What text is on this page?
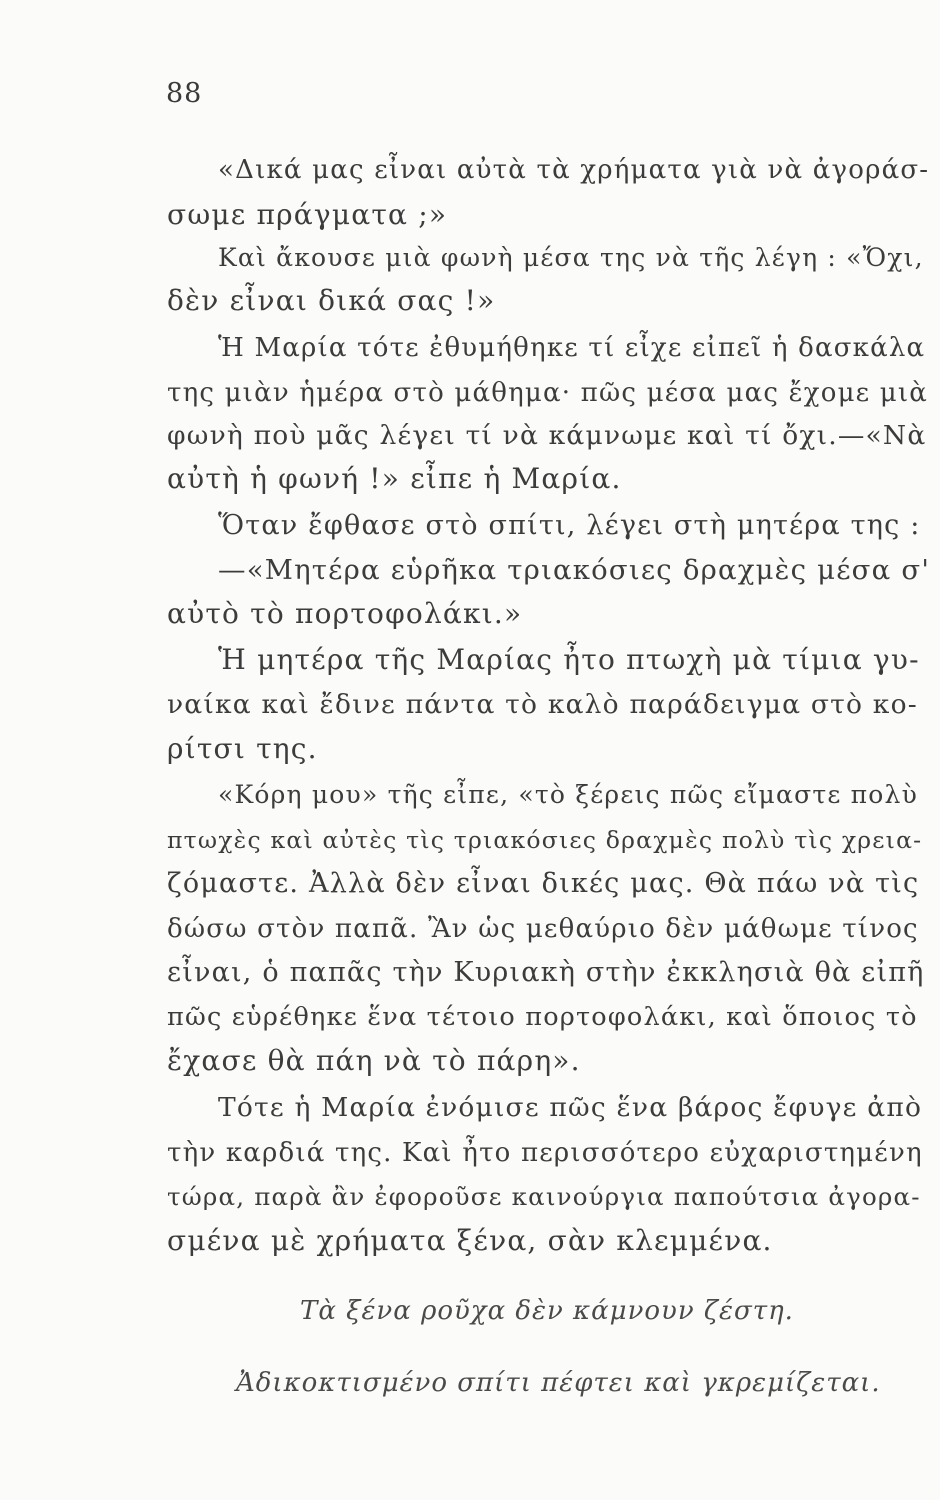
88
«Δικά μας εἶναι αὐτὰ τὰ χρήματα γιὰ νὰ ἀγοράσ-
σωμε πράγματα ;»
Καὶ ἄκουσε μιὰ φωνὴ μέσα της νὰ τῆς λέγη : «Ὄχι,
δὲν εἶναι δικά σας !»
Ἡ Μαρία τότε ἐθυμήθηκε τί εἶχε εἰπεῖ ἡ δασκάλα
της μιὰν ἡμέρα στὸ μάθημα· πῶς μέσα μας ἔχομε μιὰ
φωνὴ ποὺ μᾶς λέγει τί νὰ κάμνωμε καὶ τί ὄχι.—«Νὰ
αὐτὴ ἡ φωνή !» εἶπε ἡ Μαρία.
Ὅταν ἔφθασε στὸ σπίτι, λέγει στὴ μητέρα της :
—«Μητέρα εὑρῆκα τριακόσιες δραχμὲς μέσα σ'
αὐτὸ τὸ πορτοφολάκι.»
Ἡ μητέρα τῆς Μαρίας ἦτο πτωχὴ μὰ τίμια γυ-
ναίκα καὶ ἔδινε πάντα τὸ καλὸ παράδειγμα στὸ κο-
ρίτσι της.
«Κόρη μου» τῆς εἶπε, «τὸ ξέρεις πῶς εἴμαστε πολὺ
πτωχὲς καὶ αὐτὲς τὶς τριακόσιες δραχμὲς πολὺ τὶς χρεια-
ζόμαστε. Ἀλλὰ δὲν εἶναι δικές μας. Θὰ πάω νὰ τὶς
δώσω στὸν παπᾶ. Ἂν ὡς μεθαύριο δὲν μάθωμε τίνος
εἶναι, ὁ παπᾶς τὴν Κυριακὴ στὴν ἐκκλησιὰ θὰ εἰπῆ
πῶς εὑρέθηκε ἕνα τέτοιο πορτοφολάκι, καὶ ὅποιος τὸ
ἔχασε θὰ πάη νὰ τὸ πάρη».
Τότε ἡ Μαρία ἐνόμισε πῶς ἕνα βάρος ἔφυγε ἀπὸ
τὴν καρδιά της. Καὶ ἦτο περισσότερο εὐχαριστημένη
τώρα, παρὰ ἂν ἐφοροῦσε καινούργια παπούτσια ἀγορα-
σμένα μὲ χρήματα ξένα, σὰν κλεμμένα.
Τὰ ξένα ροῦχα δὲν κάμνουν ζέστη.
Ἀδικοκτισμένο σπίτι πέφτει καὶ γκρεμίζεται.
